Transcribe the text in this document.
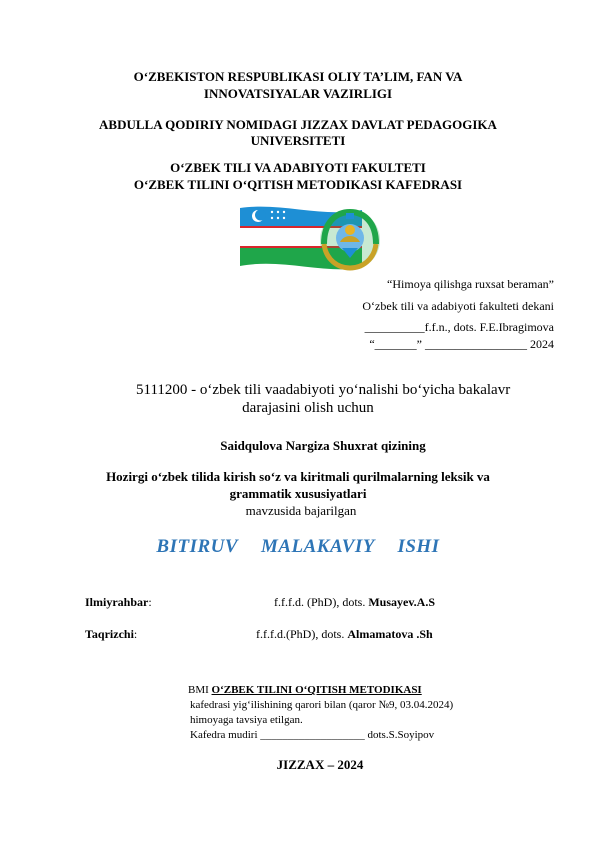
O‘ZBEKISTON RESPUBLIKASI OLIY TA’LIM, FAN VA
INNOVATSIYALAR VAZIRLIGI
ABDULLA QODIRIY NOMIDAGI JIZZAX DAVLAT PEDAGOGIKA
UNIVERSITETI
O‘ZBEK TILI VA ADABIYOTI FAKULTETI
O‘ZBEK TILINI O‘QITISH METODIKASI KAFEDRASI
“Himoya qilishga ruxsat beraman”
O‘zbek tili va adabiyoti fakulteti dekani
__________f.f.n., dots. F.E.Ibragimova
“_______” _________________ 2024
5111200 - o‘zbek tili vaadabiyoti yo‘nalishi bo‘yicha bakalavr
darajasini olish uchun
Saidqulova Nargiza Shuxrat qizining
Hozirgi o‘zbek tilida kirish so‘z va kiritmali qurilmalarning leksik va
grammatik xususiyatlari
mavzusida bajarilgan
BITIRUV MALAKAVIY ISHI
Ilmiyrahbar:	f.f.f.d. (PhD), dots. Musayev.A.S
Taqrizchi:	f.f.f.d.(PhD), dots. Almamatova .Sh
BMI O‘ZBEK TILINI O‘QITISH METODIKASI
kafedrasi yig‘ilishining qarori bilan (qaror №9, 03.04.2024)
himoyaga tavsiya etilgan.
Kafedra mudiri ___________________ dots.S.Soyipov
JIZZAX – 2024
